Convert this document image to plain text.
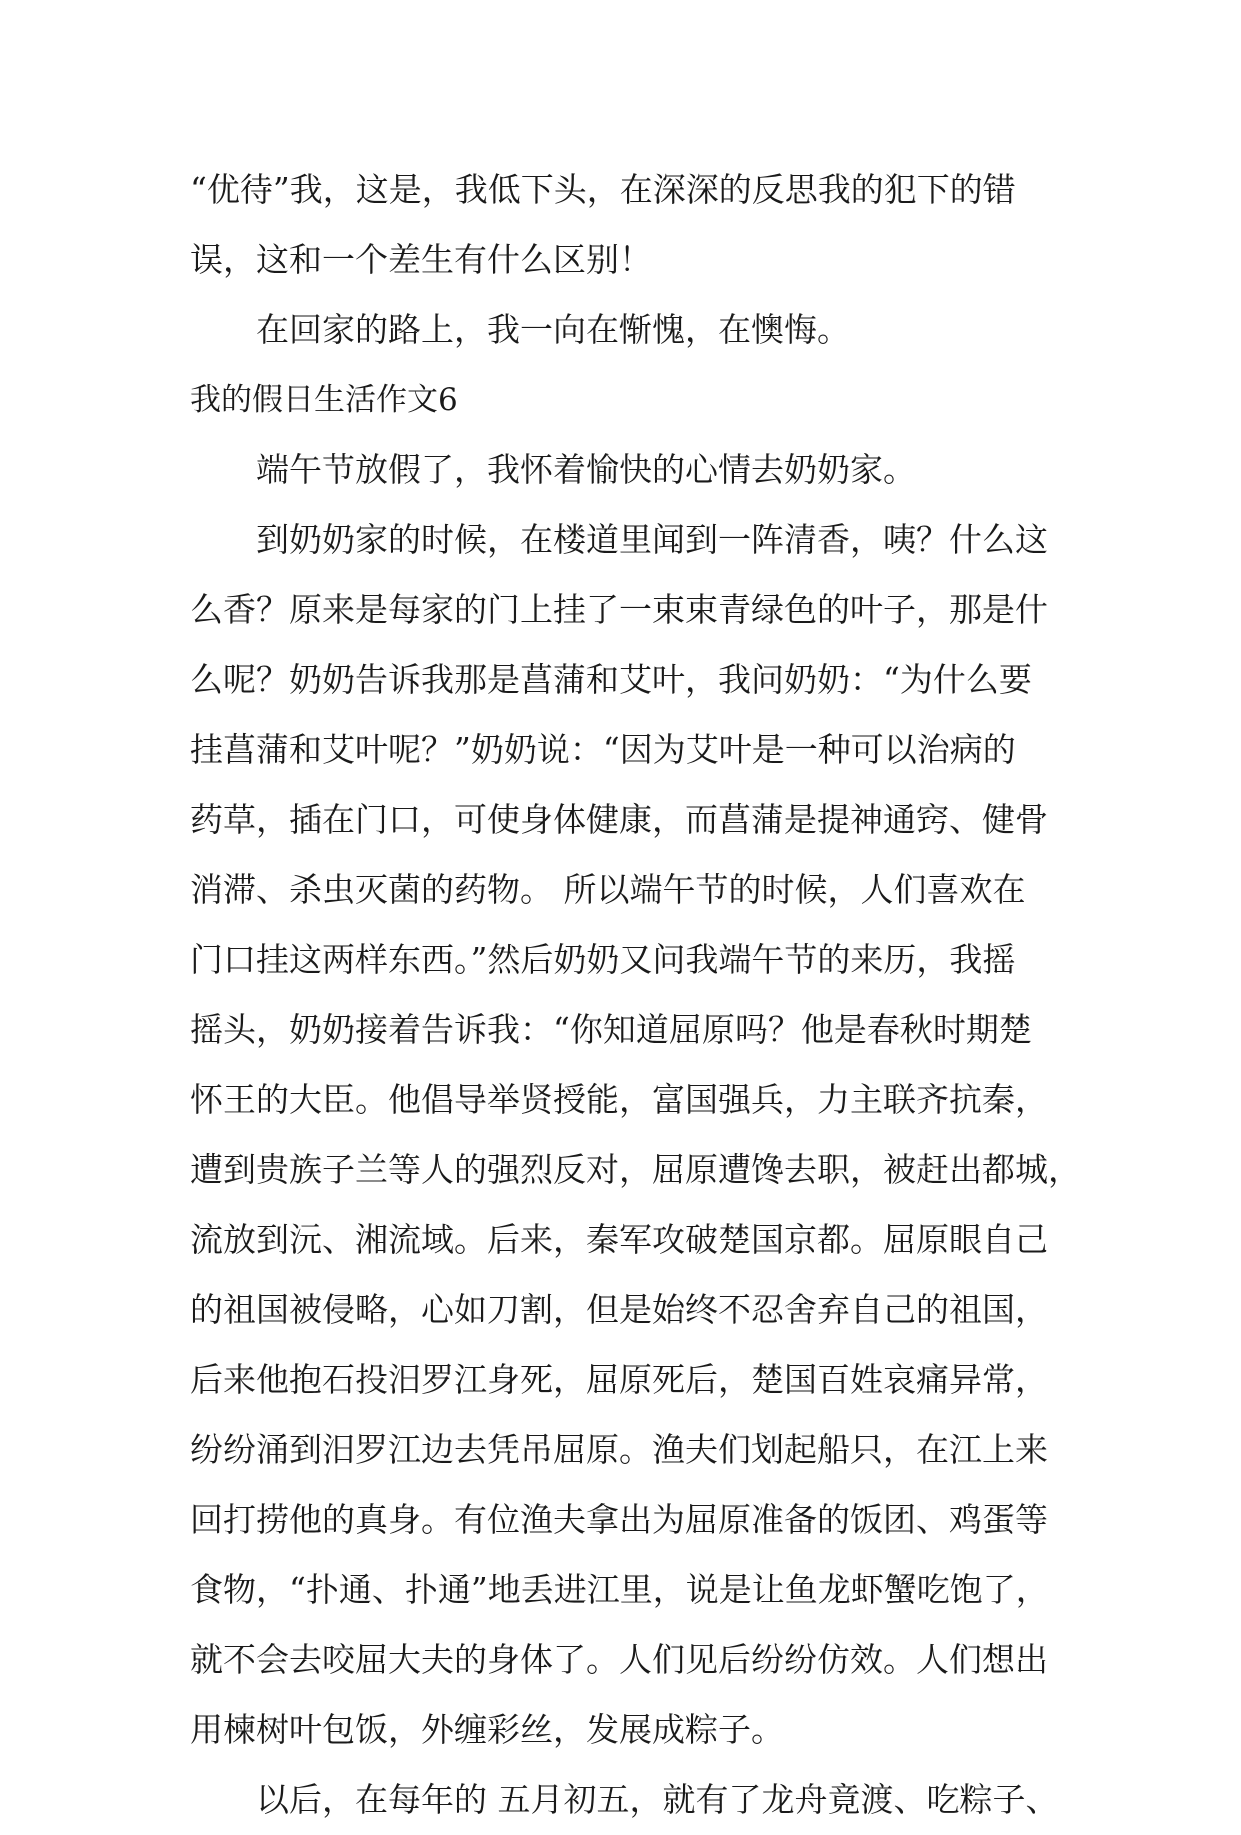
“优待”我，这是，我低下头，在深深的反思我的犯下的错
误，这和一个差生有什么区别！
在回家的路上，我一向在惭愧，在懊悔。
我的假日生活作文6
端午节放假了，我怀着愉快的心情去奶奶家。
到奶奶家的时候，在楼道里闻到一阵清香，咦？什么这
么香？原来是每家的门上挂了一束束青绿色的叶子，那是什
么呢？奶奶告诉我那是菖蒲和艾叶，我问奶奶：“为什么要
挂菖蒲和艾叶呢？”奶奶说：“因为艾叶是一种可以治病的
药草，插在门口，可使身体健康，而菖蒲是提神通窍、健骨
消滞、杀虫灭菌的药物。 所以端午节的时候，人们喜欢在
门口挂这两样东西。”然后奶奶又问我端午节的来历，我摇
摇头，奶奶接着告诉我：“你知道屈原吗？他是春秋时期楚
怀王的大臣。他倡导举贤授能，富国强兵，力主联齐抗秦，
遭到贵族子兰等人的强烈反对，屈原遭馋去职，被赶出都城，
流放到沅、湘流域。后来，秦军攻破楚国京都。屈原眼自己
的祖国被侵略，心如刀割，但是始终不忍舍弃自己的祖国，
后来他抱石投汨罗江身死，屈原死后，楚国百姓哀痛异常，
纷纷涌到汨罗江边去凭吊屈原。渔夫们划起船只，在江上来
回打捞他的真身。有位渔夫拿出为屈原准备的饭团、鸡蛋等
食物，“扑通、扑通”地丢进江里，说是让鱼龙虾蟹吃饱了，
就不会去咬屈大夫的身体了。人们见后纷纷仿效。人们想出
用楝树叶包饭，外缠彩丝，发展成粽子。
以后，在每年的 五月初五，就有了龙舟竟渡、吃粽子、
